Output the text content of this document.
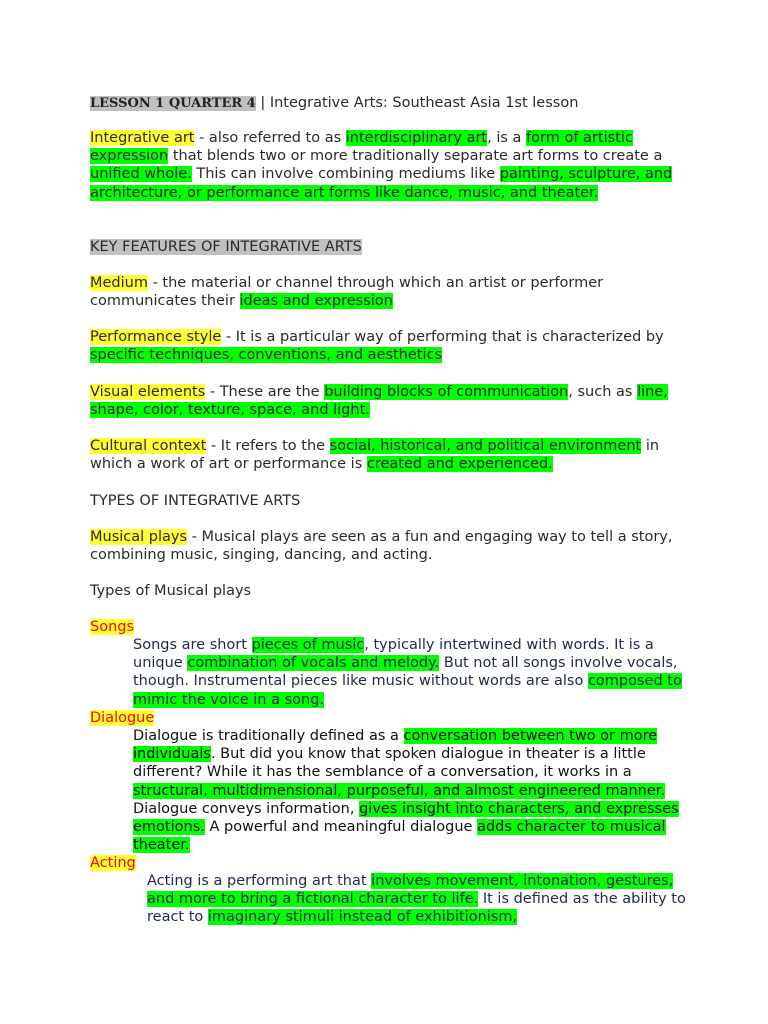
LESSON 1 QUARTER 4 | Integrative Arts: Southeast Asia 1st lesson

Integrative art - also referred to as interdisciplinary art, is a form of artistic expression that blends two or more traditionally separate art forms to create a unified whole. This can involve combining mediums like painting, sculpture, and architecture, or performance art forms like dance, music, and theater.

KEY FEATURES OF INTEGRATIVE ARTS

Medium - the material or channel through which an artist or performer communicates their ideas and expression

Performance style - It is a particular way of performing that is characterized by specific techniques, conventions, and aesthetics

Visual elements - These are the building blocks of communication, such as line, shape, color, texture, space, and light.

Cultural context - It refers to the social, historical, and political environment in which a work of art or performance is created and experienced.

TYPES OF INTEGRATIVE ARTS

Musical plays - Musical plays are seen as a fun and engaging way to tell a story, combining music, singing, dancing, and acting.

Types of Musical plays

Songs

Songs are short pieces of music, typically intertwined with words. It is a unique combination of vocals and melody. But not all songs involve vocals, though. Instrumental pieces like music without words are also composed to mimic the voice in a song.

Dialogue

Dialogue is traditionally defined as a conversation between two or more individuals. But did you know that spoken dialogue in theater is a little different? While it has the semblance of a conversation, it works in a structural, multidimensional, purposeful, and almost engineered manner. Dialogue conveys information, gives insight into characters, and expresses emotions. A powerful and meaningful dialogue adds character to musical theater.

Acting

Acting is a performing art that involves movement, intonation, gestures, and more to bring a fictional character to life. It is defined as the ability to react to imaginary stimuli instead of exhibitionism,
